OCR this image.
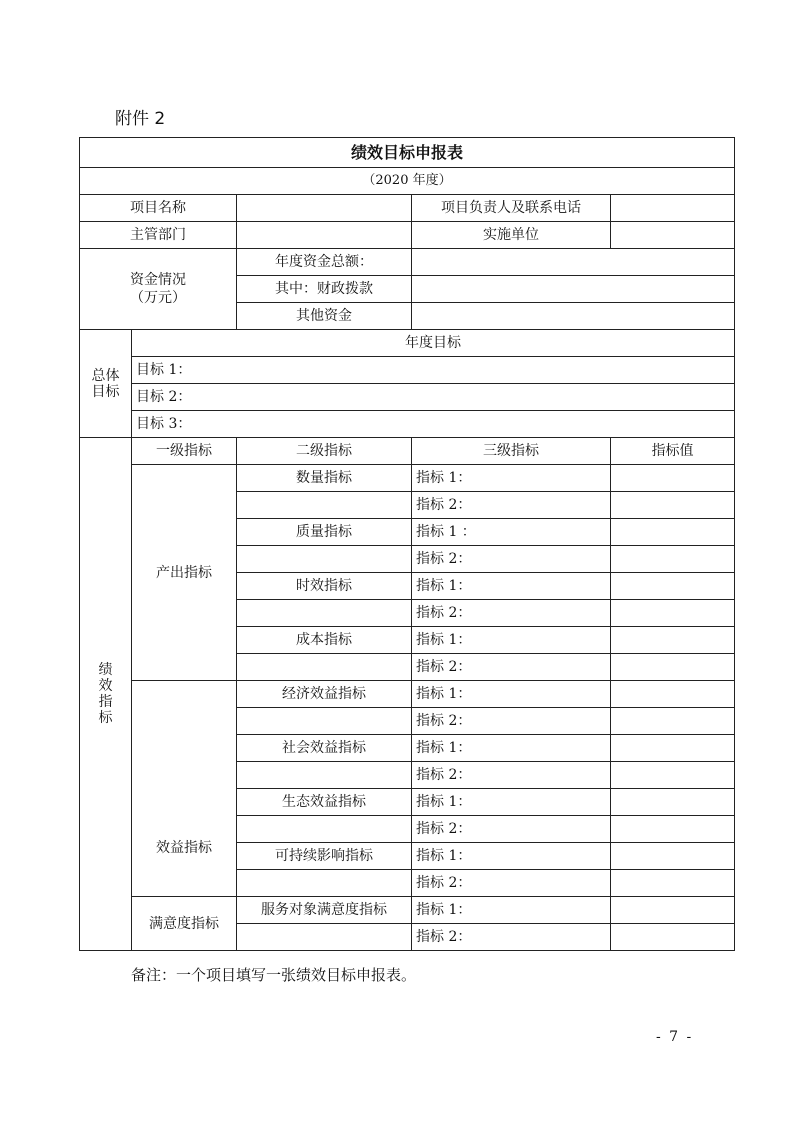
附件 2
绩效目标申报表				
（2020 年度）				
项目名称			项目负责人及联系电话	
主管部门			实施单位	

资金情况
（万元）		年度资金总额：		
		其中：财政拨款		
		其他资金		

总体
目标	年度目标			
	目标 1：			
	目标 2：			
	目标 3：			

绩
效
指
标	一级指标	二级指标	三级指标	指标值
	产出指标	数量指标	指标 1：	
			指标 2：	
		质量指标	指标 1 ：	
			指标 2：	
		时效指标	指标 1：	
			指标 2：	
		成本指标	指标 1：	
			指标 2：	
	效益指标	经济效益指标	指标 1：	
			指标 2：	
		社会效益指标	指标 1：	
			指标 2：	
		生态效益指标	指标 1：	
			指标 2：	
		可持续影响指标	指标 1：	
			指标 2：	
	满意度指标	服务对象满意度指标	指标 1：	
			指标 2：	
备注：一个项目填写一张绩效目标申报表。
- 7 -
